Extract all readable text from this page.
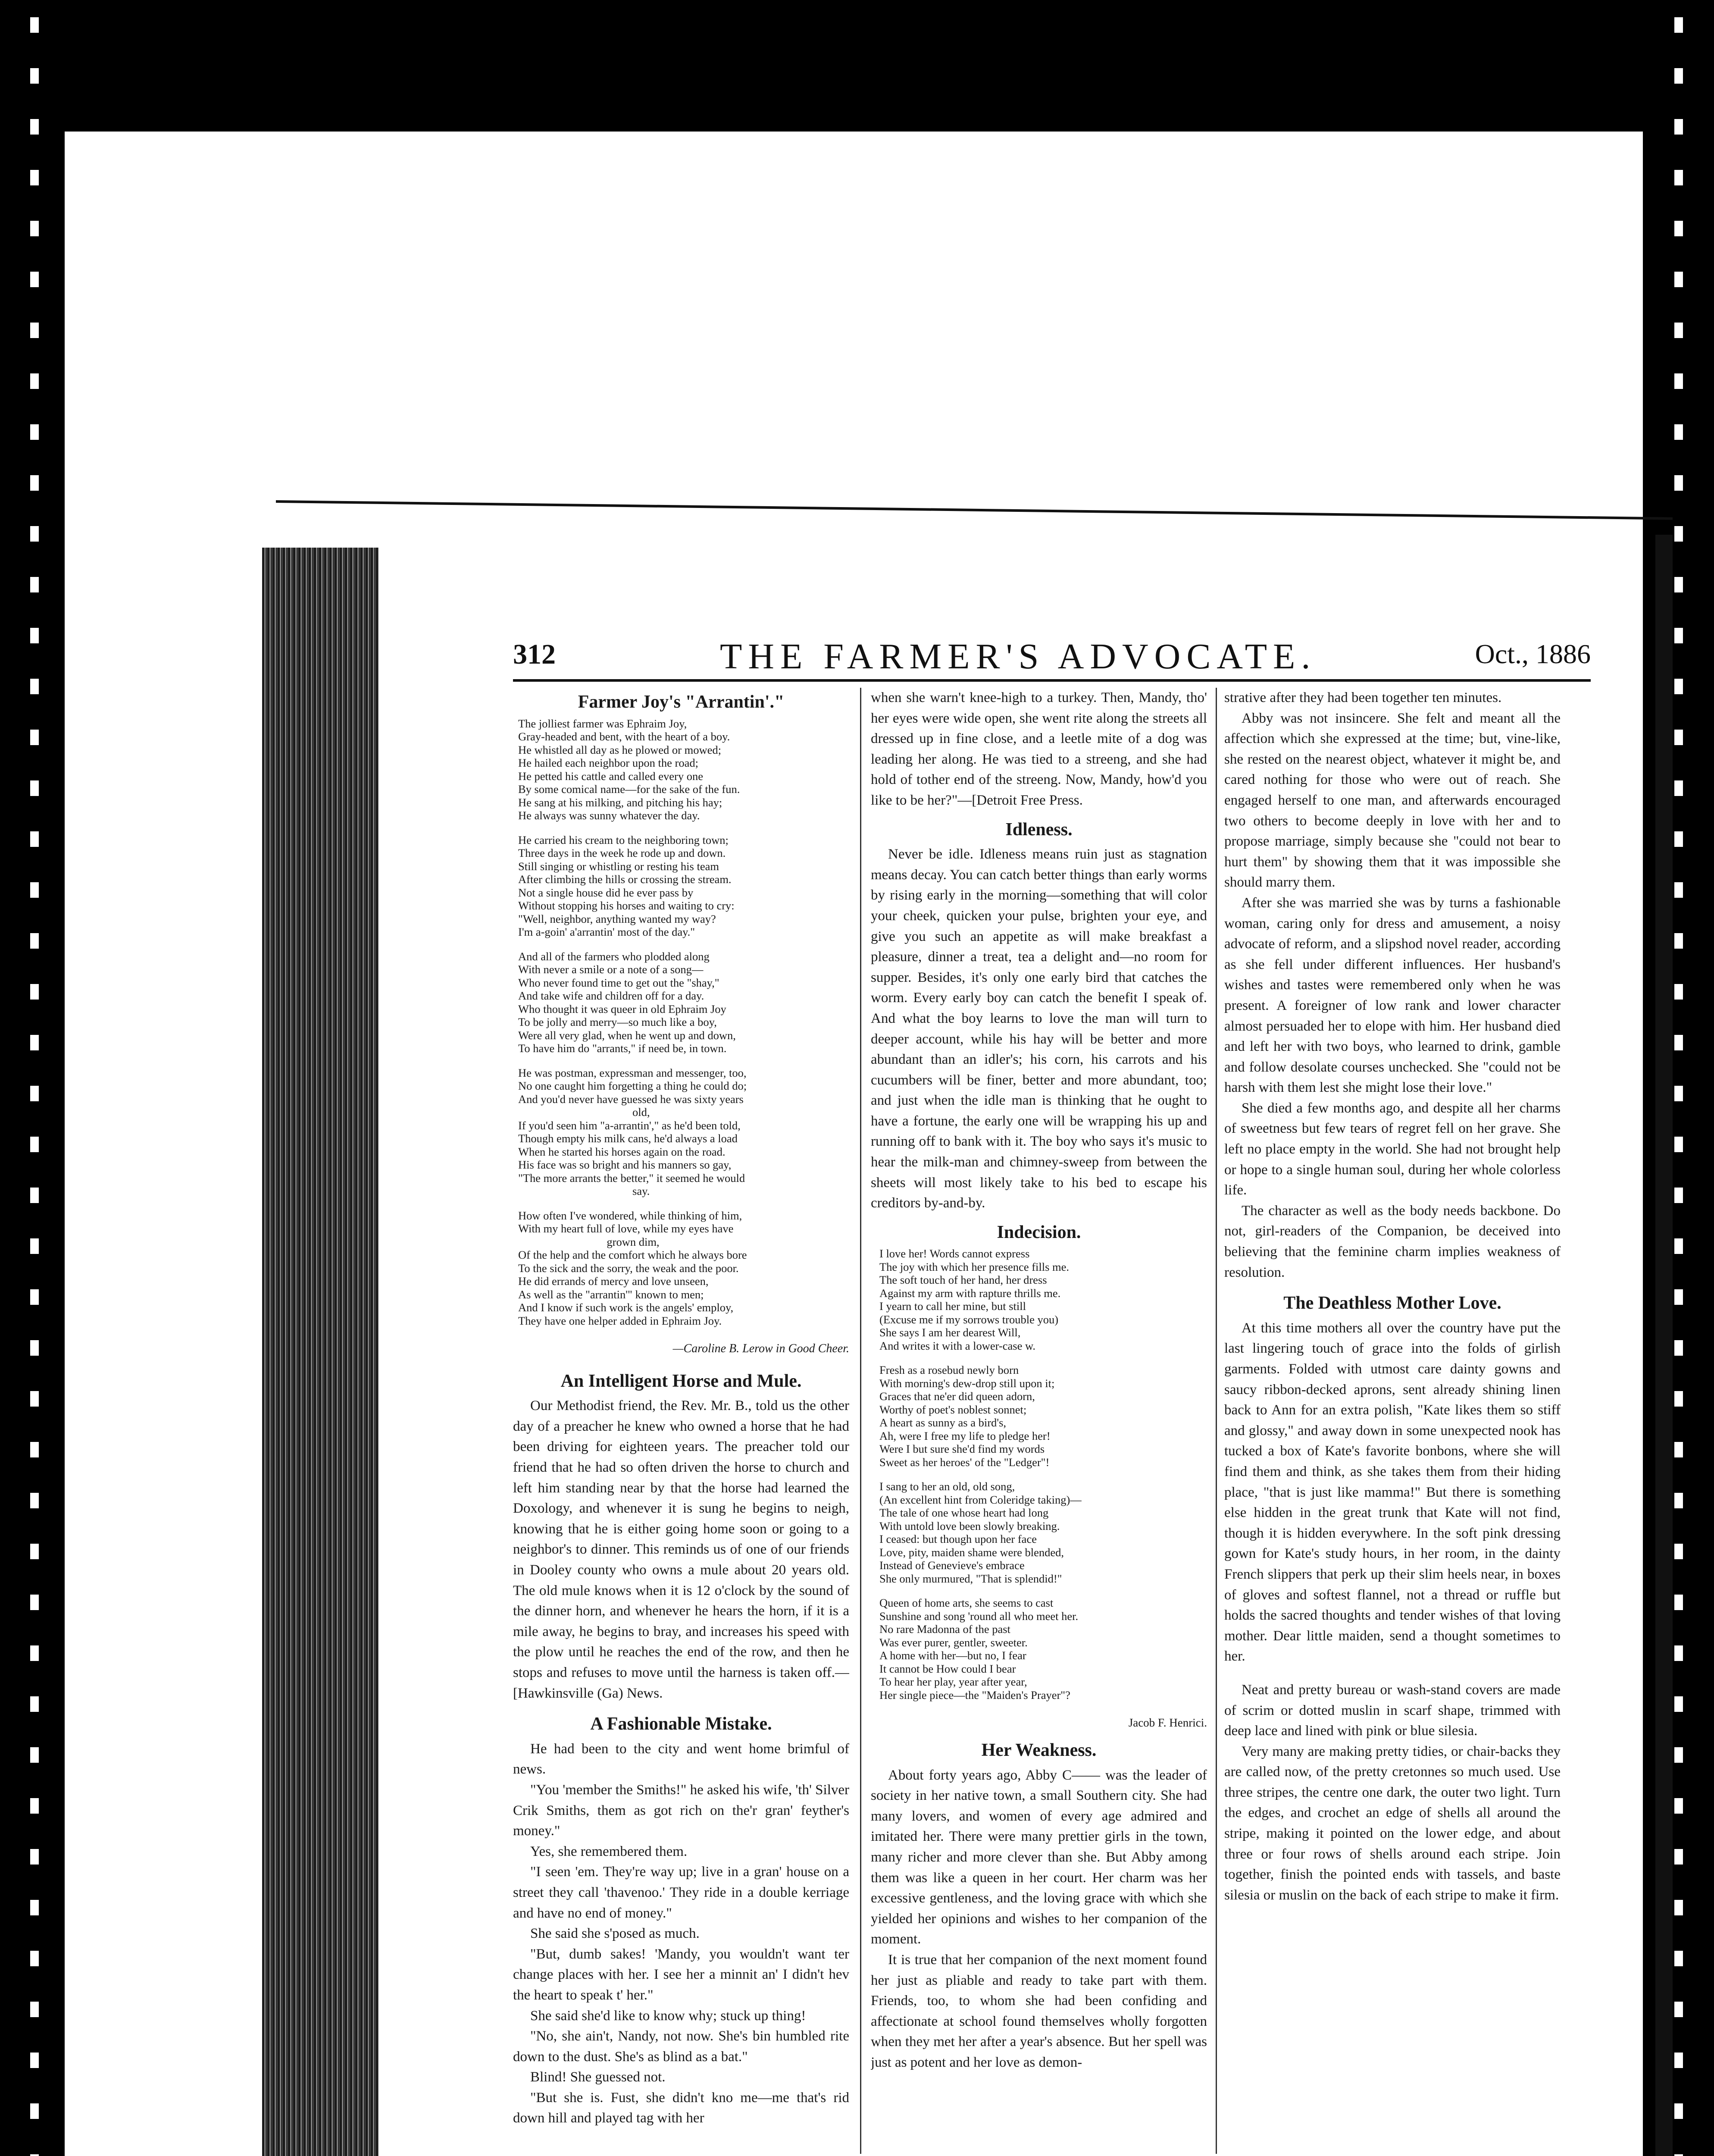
312	THE FARMER'S ADVOCATE.	Oct., 1886
Farmer Joy's "Arrantin'."
The jolliest farmer was Ephraim Joy,
Gray-headed and bent, with the heart of a boy.
He whistled all day as he plowed or mowed;
He hailed each neighbor upon the road;
He petted his cattle and called every one
By some comical name—for the sake of the fun.
He sang at his milking, and pitching his hay;
He always was sunny whatever the day.
He carried his cream to the neighboring town;
Three days in the week he rode up and down.
Still singing or whistling or resting his team
After climbing the hills or crossing the stream.
Not a single house did he ever pass by
Without stopping his horses and waiting to cry:
"Well, neighbor, anything wanted my way?
I'm a-goin' a'arrantin' most of the day."
And all of the farmers who plodded along
With never a smile or a note of a song—
Who never found time to get out the "shay,"
And take wife and children off for a day.
Who thought it was queer in old Ephraim Joy
To be jolly and merry—so much like a boy,
Were all very glad, when he went up and down,
To have him do "arrants," if need be, in town.
He was postman, expressman and messenger, too,
No one caught him forgetting a thing he could do;
And you'd never have guessed he was sixty years
old,
If you'd seen him "a-arrantin'," as he'd been told,
Though empty his milk cans, he'd always a load
When he started his horses again on the road.
His face was so bright and his manners so gay,
"The more arrants the better," it seemed he would
say.
How often I've wondered, while thinking of him,
With my heart full of love, while my eyes have
grown dim,
Of the help and the comfort which he always bore
To the sick and the sorry, the weak and the poor.
He did errands of mercy and love unseen,
As well as the "arrantin'" known to men;
And I know if such work is the angels' employ,
They have one helper added in Ephraim Joy.
—Caroline B. Lerow in Good Cheer.
An Intelligent Horse and Mule.

Our Methodist friend, the Rev. Mr. B., told us the other day of a preacher he knew who owned a horse that he had been driving for eighteen years. The preacher told our friend that he had so often driven the horse to church and left him standing near by that the horse had learned the Doxology, and whenever it is sung he begins to neigh, knowing that he is either going home soon or going to a neighbor's to dinner. This reminds us of one of our friends in Dooley county who owns a mule about 20 years old. The old mule knows when it is 12 o'clock by the sound of the dinner horn, and whenever he hears the horn, if it is a mile away, he begins to bray, and increases his speed with the plow until he reaches the end of the row, and then he stops and refuses to move until the harness is taken off.—[Hawkinsville (Ga) News.

A Fashionable Mistake.

He had been to the city and went home brimful of news.

"You 'member the Smiths!" he asked his wife, 'th' Silver Crik Smiths, them as got rich on the'r gran' feyther's money."

Yes, she remembered them.

"I seen 'em. They're way up; live in a gran' house on a street they call 'thavenoo.' They ride in a double kerriage and have no end of money."

She said she s'posed as much.

"But, dumb sakes! 'Mandy, you wouldn't want ter change places with her. I see her a minnit an' I didn't hev the heart to speak t' her."

She said she'd like to know why; stuck up thing!

"No, she ain't, Nandy, not now. She's bin humbled rite down to the dust. She's as blind as a bat."

Blind! She guessed not.

"But she is. Fust, she didn't kno me—me that's rid down hill and played tag with her

when she warn't knee-high to a turkey. Then, Mandy, tho' her eyes were wide open, she went rite along the streets all dressed up in fine close, and a leetle mite of a dog was leading her along. He was tied to a streeng, and she had hold of tother end of the streeng. Now, Mandy, how'd you like to be her?"—[Detroit Free Press.

Idleness.

Never be idle. Idleness means ruin just as stagnation means decay. You can catch better things than early worms by rising early in the morning—something that will color your cheek, quicken your pulse, brighten your eye, and give you such an appetite as will make breakfast a pleasure, dinner a treat, tea a delight and—no room for supper. Besides, it's only one early bird that catches the worm. Every early boy can catch the benefit I speak of. And what the boy learns to love the man will turn to deeper account, while his hay will be better and more abundant than an idler's; his corn, his carrots and his cucumbers will be finer, better and more abundant, too; and just when the idle man is thinking that he ought to have a fortune, the early one will be wrapping his up and running off to bank with it. The boy who says it's music to hear the milk-man and chimney-sweep from between the sheets will most likely take to his bed to escape his creditors by-and-by.

Indecision.
I love her! Words cannot express
The joy with which her presence fills me.
The soft touch of her hand, her dress
Against my arm with rapture thrills me.
I yearn to call her mine, but still
(Excuse me if my sorrows trouble you)
She says I am her dearest Will,
And writes it with a lower-case w.
Fresh as a rosebud newly born
With morning's dew-drop still upon it;
Graces that ne'er did queen adorn,
Worthy of poet's noblest sonnet;
A heart as sunny as a bird's,
Ah, were I free my life to pledge her!
Were I but sure she'd find my words
Sweet as her heroes' of the "Ledger"!
I sang to her an old, old song,
(An excellent hint from Coleridge taking)—
The tale of one whose heart had long
With untold love been slowly breaking.
I ceased: but though upon her face
Love, pity, maiden shame were blended,
Instead of Genevieve's embrace
She only murmured, "That is splendid!"
Queen of home arts, she seems to cast
Sunshine and song 'round all who meet her.
No rare Madonna of the past
Was ever purer, gentler, sweeter.
A home with her—but no, I fear
It cannot be How could I bear
To hear her play, year after year,
Her single piece—the "Maiden's Prayer"?
Jacob F. Henrici.
Her Weakness.

About forty years ago, Abby C—— was the leader of society in her native town, a small Southern city. She had many lovers, and women of every age admired and imitated her. There were many prettier girls in the town, many richer and more clever than she. But Abby among them was like a queen in her court. Her charm was her excessive gentleness, and the loving grace with which she yielded her opinions and wishes to her companion of the moment.

It is true that her companion of the next moment found her just as pliable and ready to take part with them. Friends, too, to whom she had been confiding and affectionate at school found themselves wholly forgotten when they met her after a year's absence. But her spell was just as potent and her love as demon-

strative after they had been together ten minutes.

Abby was not insincere. She felt and meant all the affection which she expressed at the time; but, vine-like, she rested on the nearest object, whatever it might be, and cared nothing for those who were out of reach. She engaged herself to one man, and afterwards encouraged two others to become deeply in love with her and to propose marriage, simply because she "could not bear to hurt them" by showing them that it was impossible she should marry them.

After she was married she was by turns a fashionable woman, caring only for dress and amusement, a noisy advocate of reform, and a slipshod novel reader, according as she fell under different influences. Her husband's wishes and tastes were remembered only when he was present. A foreigner of low rank and lower character almost persuaded her to elope with him. Her husband died and left her with two boys, who learned to drink, gamble and follow desolate courses unchecked. She "could not be harsh with them lest she might lose their love."

She died a few months ago, and despite all her charms of sweetness but few tears of regret fell on her grave. She left no place empty in the world. She had not brought help or hope to a single human soul, during her whole colorless life.

The character as well as the body needs backbone. Do not, girl-readers of the Companion, be deceived into believing that the feminine charm implies weakness of resolution.

The Deathless Mother Love.

At this time mothers all over the country have put the last lingering touch of grace into the folds of girlish garments. Folded with utmost care dainty gowns and saucy ribbon-decked aprons, sent already shining linen back to Ann for an extra polish, "Kate likes them so stiff and glossy," and away down in some unexpected nook has tucked a box of Kate's favorite bonbons, where she will find them and think, as she takes them from their hiding place, "that is just like mamma!" But there is something else hidden in the great trunk that Kate will not find, though it is hidden everywhere. In the soft pink dressing gown for Kate's study hours, in her room, in the dainty French slippers that perk up their slim heels near, in boxes of gloves and softest flannel, not a thread or ruffle but holds the sacred thoughts and tender wishes of that loving mother. Dear little maiden, send a thought sometimes to her.

Neat and pretty bureau or wash-stand covers are made of scrim or dotted muslin in scarf shape, trimmed with deep lace and lined with pink or blue silesia.

Very many are making pretty tidies, or chair-backs they are called now, of the pretty cretonnes so much used. Use three stripes, the centre one dark, the outer two light. Turn the edges, and crochet an edge of shells all around the stripe, making it pointed on the lower edge, and about three or four rows of shells around each stripe. Join together, finish the pointed ends with tassels, and baste silesia or muslin on the back of each stripe to make it firm.
